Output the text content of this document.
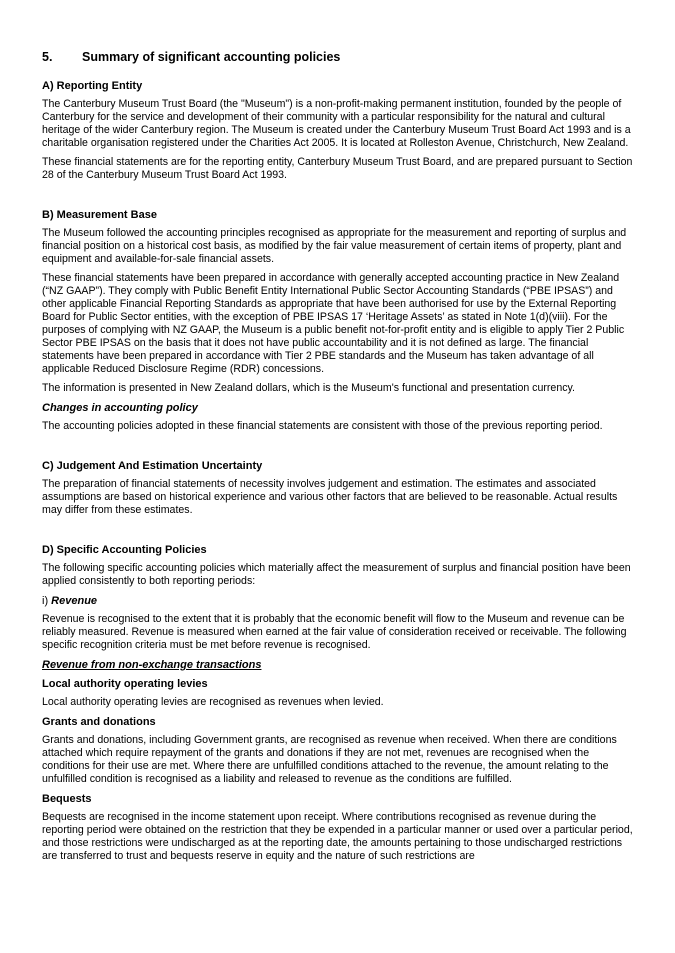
5. Summary of significant accounting policies
A) Reporting Entity

The Canterbury Museum Trust Board (the "Museum") is a non-profit-making permanent institution, founded by the people of Canterbury for the service and development of their community with a particular responsibility for the natural and cultural heritage of the wider Canterbury region. The Museum is created under the Canterbury Museum Trust Board Act 1993 and is a charitable organisation registered under the Charities Act 2005. It is located at Rolleston Avenue, Christchurch, New Zealand.

These financial statements are for the reporting entity, Canterbury Museum Trust Board, and are prepared pursuant to Section 28 of the Canterbury Museum Trust Board Act 1993.

B) Measurement Base

The Museum followed the accounting principles recognised as appropriate for the measurement and reporting of surplus and financial position on a historical cost basis, as modified by the fair value measurement of certain items of property, plant and equipment and available-for-sale financial assets.

These financial statements have been prepared in accordance with generally accepted accounting practice in New Zealand (“NZ GAAP”). They comply with Public Benefit Entity International Public Sector Accounting Standards (“PBE IPSAS”) and other applicable Financial Reporting Standards as appropriate that have been authorised for use by the External Reporting Board for Public Sector entities, with the exception of PBE IPSAS 17 ‘Heritage Assets’ as stated in Note 1(d)(viii). For the purposes of complying with NZ GAAP, the Museum is a public benefit not-for-profit entity and is eligible to apply Tier 2 Public Sector PBE IPSAS on the basis that it does not have public accountability and it is not defined as large. The financial statements have been prepared in accordance with Tier 2 PBE standards and the Museum has taken advantage of all applicable Reduced Disclosure Regime (RDR) concessions.

The information is presented in New Zealand dollars, which is the Museum's functional and presentation currency.

Changes in accounting policy

The accounting policies adopted in these financial statements are consistent with those of the previous reporting period.

C) Judgement And Estimation Uncertainty

The preparation of financial statements of necessity involves judgement and estimation. The estimates and associated assumptions are based on historical experience and various other factors that are believed to be reasonable. Actual results may differ from these estimates.

D) Specific Accounting Policies

The following specific accounting policies which materially affect the measurement of surplus and financial position have been applied consistently to both reporting periods:

i) Revenue

Revenue is recognised to the extent that it is probably that the economic benefit will flow to the Museum and revenue can be reliably measured. Revenue is measured when earned at the fair value of consideration received or receivable. The following specific recognition criteria must be met before revenue is recognised.

Revenue from non-exchange transactions
Local authority operating levies

Local authority operating levies are recognised as revenues when levied.

Grants and donations

Grants and donations, including Government grants, are recognised as revenue when received. When there are conditions attached which require repayment of the grants and donations if they are not met, revenues are recognised when the conditions for their use are met. Where there are unfulfilled conditions attached to the revenue, the amount relating to the unfulfilled condition is recognised as a liability and released to revenue as the conditions are fulfilled.

Bequests

Bequests are recognised in the income statement upon receipt. Where contributions recognised as revenue during the reporting period were obtained on the restriction that they be expended in a particular manner or used over a particular period, and those restrictions were undischarged as at the reporting date, the amounts pertaining to those undischarged restrictions are transferred to trust and bequests reserve in equity and the nature of such restrictions are
